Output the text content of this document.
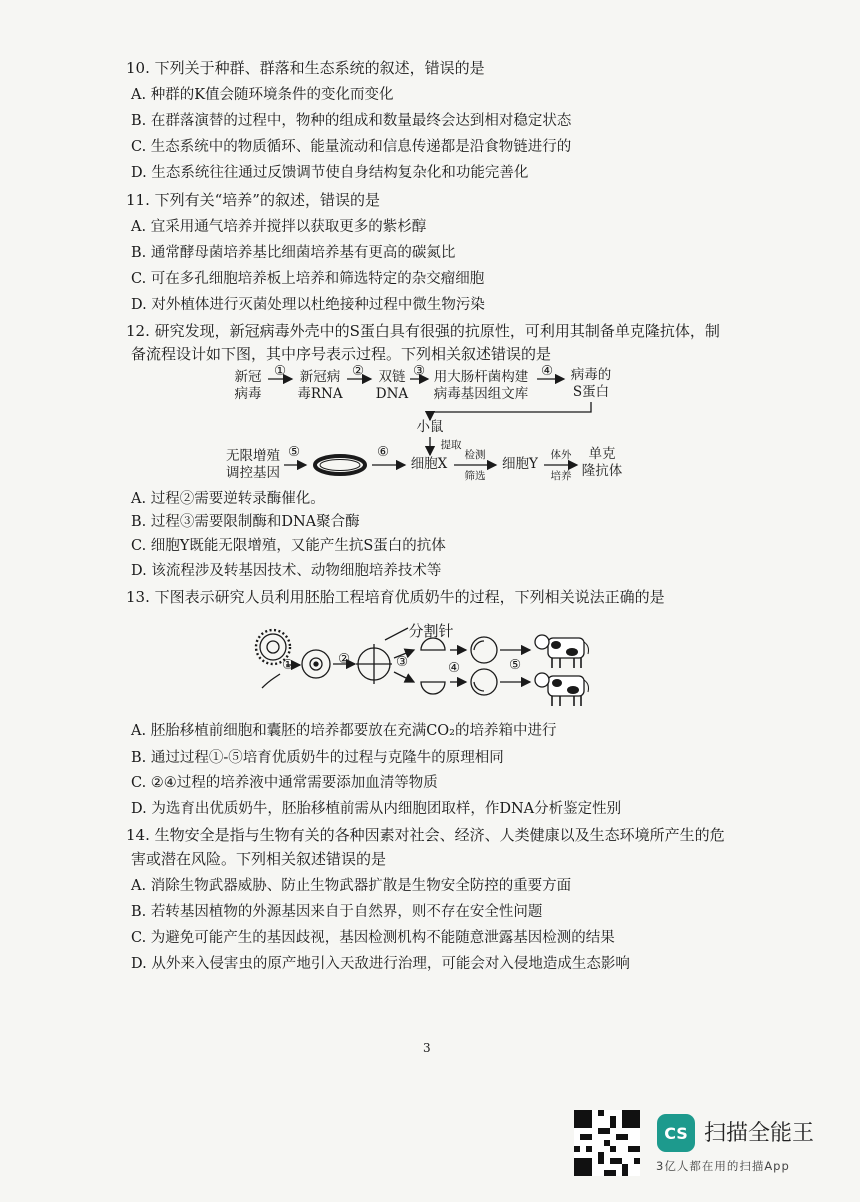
10. 下列关于种群、群落和生态系统的叙述，错误的是
A. 种群的K值会随环境条件的变化而变化
B. 在群落演替的过程中，物种的组成和数量最终会达到相对稳定状态
C. 生态系统中的物质循环、能量流动和信息传递都是沿食物链进行的
D. 生态系统往往通过反馈调节使自身结构复杂化和功能完善化
11. 下列有关“培养”的叙述，错误的是
A. 宜采用通气培养并搅拌以获取更多的紫杉醇
B. 通常酵母菌培养基比细菌培养基有更高的碳氮比
C. 可在多孔细胞培养板上培养和筛选特定的杂交瘤细胞
D. 对外植体进行灭菌处理以杜绝接种过程中微生物污染
12. 研究发现，新冠病毒外壳中的S蛋白具有很强的抗原性，可利用其制备单克隆抗体，制
备流程设计如下图，其中序号表示过程。下列相关叙述错误的是
新冠
病毒
新冠病
毒RNA
双链
DNA
用大肠杆菌构建
病毒基因组文库
病毒的
S蛋白
①	②	③	④
小鼠
提取
无限增殖
调控基因
⑤	⑥
细胞X
检测
筛选
细胞Y
体外
培养
单克
隆抗体
A. 过程②需要逆转录酶催化。
B. 过程③需要限制酶和DNA聚合酶
C. 细胞Y既能无限增殖，又能产生抗S蛋白的抗体
D. 该流程涉及转基因技术、动物细胞培养技术等
13. 下图表示研究人员利用胚胎工程培育优质奶牛的过程，下列相关说法正确的是
分割针
①	②	③	④	⑤
A. 胚胎移植前细胞和囊胚的培养都要放在充满CO₂的培养箱中进行
B. 通过过程①-⑤培育优质奶牛的过程与克隆牛的原理相同
C. ②④过程的培养液中通常需要添加血清等物质
D. 为选育出优质奶牛，胚胎移植前需从内细胞团取样，作DNA分析鉴定性别
14. 生物安全是指与生物有关的各种因素对社会、经济、人类健康以及生态环境所产生的危
害或潜在风险。下列相关叙述错误的是
A. 消除生物武器威胁、防止生物武器扩散是生物安全防控的重要方面
B. 若转基因植物的外源基因来自于自然界，则不存在安全性问题
C. 为避免可能产生的基因歧视，基因检测机构不能随意泄露基因检测的结果
D. 从外来入侵害虫的原产地引入天敌进行治理，可能会对入侵地造成生态影响
3
CS 扫描全能王
3亿人都在用的扫描App
